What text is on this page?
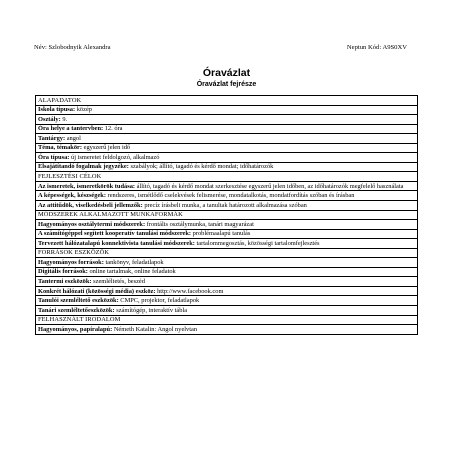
Név: Szlobodnyik Alexandra	Neptun Kód: A9S0XV
Óravázlat
Óravázlat fejrésze
ALAPADATOK
Iskola típusa: közép
Osztály: 9.
Óra helye a tantervben: 12. óra
Tantárgy: angol
Téma, témakör: egyszerű jelen idő
Óra típusa: új ismeretet feldolgozó, alkalmazó
Elsajátítandó fogalmak jegyzéke: szabályok; állító, tagadó és kérdő mondat; időhatározók
FEJLESZTÉSI CÉLOK
Az ismeretek, ismeretkörök tudása: állító, tagadó és kérdő mondat szerkesztése egyszerű jelen időben, az időhatározók megfelelő használata
A képességek, készségek: rendszeres, ismétlődő cselekvések felismerése, mondatalkotás, mondatfordítás szóban és írásban
Az attitűdök, viselkedésbeli jellemzők: precíz írásbeli munka, a tanultak határozott alkalmazása szóban
MÓDSZEREK ALKALMAZOTT MUNKAFORMÁK
Hagyományos osztálytermi módszerek: frontális osztálymunka, tanári magyarázat
A számítógéppel segített kooperatív tanulási módszerek: problémaalapú tanulás
Tervezett hálózatalapú konnektivista tanulási módszerek: tartalommegosztás, közösségi tartalomfejlesztés
FORRÁSOK ESZKÖZÖK
Hagyományos források: tankönyv, feladatlapok
Digitális források: online tartalmak, online feladatok
Tantermi eszközök: szemléltetés, beszéd
Konkrét hálózati (közösségi média) eszköz: http://www.facebook.com
Tanulói szemléltető eszközök: CMPC, projektor, feladatlapok
Tanári szemléltetőeszközök: számítógép, interaktív tábla
FELHASZNÁLT IRODALOM
Hagyományos, papíralapú: Németh Katalin: Angol nyelvtan
